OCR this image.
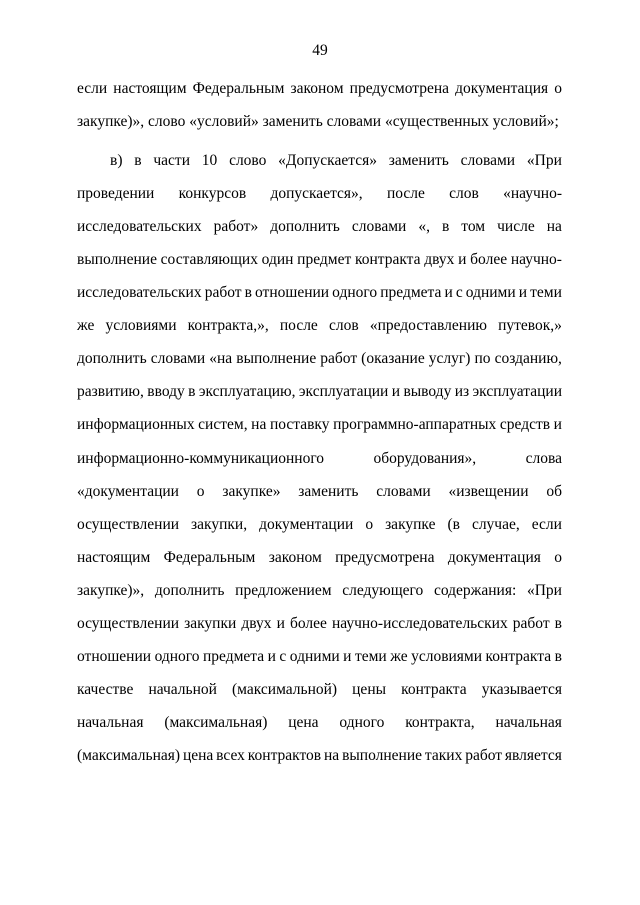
49
если настоящим Федеральным законом предусмотрена документация о
закупке)», слово «условий» заменить словами «существенных условий»;
в) в части 10 слово «Допускается» заменить словами «При
проведении конкурсов допускается», после слов «научно-
исследовательских работ» дополнить словами «, в том числе на
выполнение составляющих один предмет контракта двух и более научно-
исследовательских работ в отношении одного предмета и с одними и теми
же условиями контракта,», после слов «предоставлению путевок,»
дополнить словами «на выполнение работ (оказание услуг) по созданию,
развитию, вводу в эксплуатацию, эксплуатации и выводу из эксплуатации
информационных систем, на поставку программно-аппаратных средств и
информационно-коммуникационного	оборудования»,	слова
«документации о закупке» заменить словами «извещении об
осуществлении закупки, документации о закупке (в случае, если
настоящим Федеральным законом предусмотрена документация о
закупке)», дополнить предложением следующего содержания: «При
осуществлении закупки двух и более научно-исследовательских работ в
отношении одного предмета и с одними и теми же условиями контракта в
качестве начальной (максимальной) цены контракта указывается
начальная (максимальная) цена одного контракта, начальная
(максимальная) цена всех контрактов на выполнение таких работ является
